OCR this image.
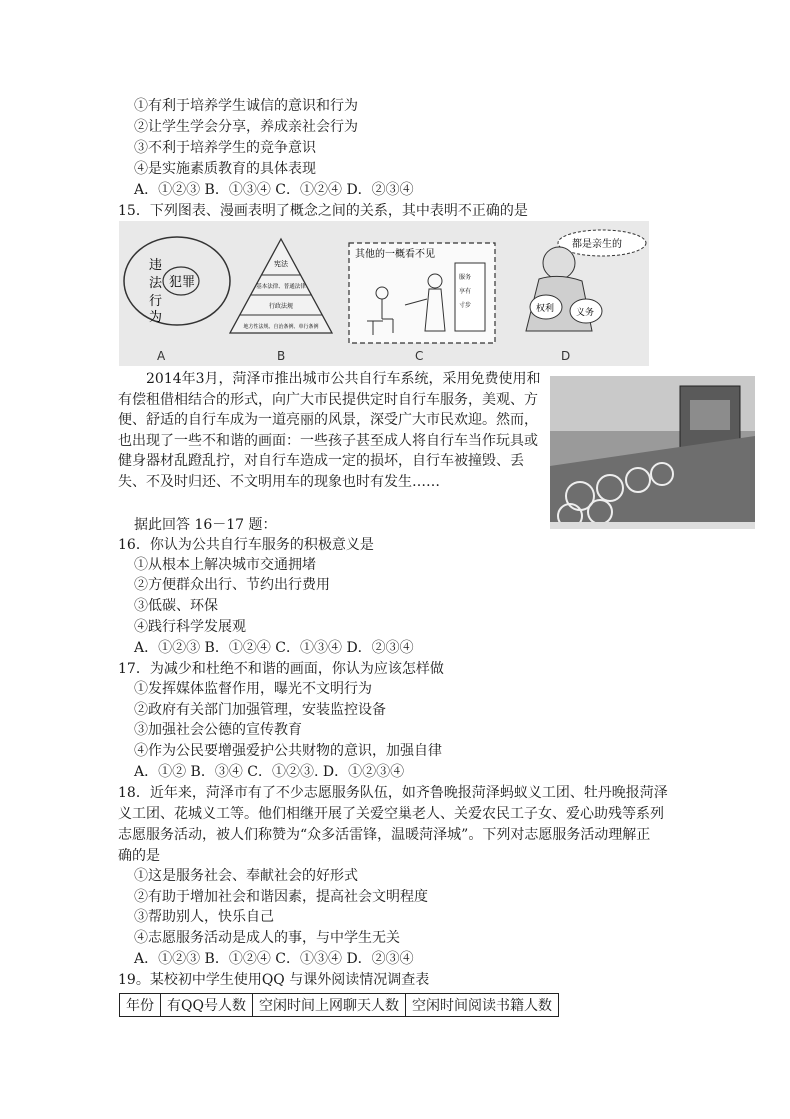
①有利于培养学生诚信的意识和行为
②让学生学会分享，养成亲社会行为
③不利于培养学生的竞争意识
④是实施素质教育的具体表现
A．①②③ B．①③④ C．①②④ D．②③④
15．下列图表、漫画表明了概念之间的关系，其中表明不正确的是
违
法
行
为
犯罪
宪法
基本法律、普通法律
行政法规
地方性法规、自治条例、单行条例
其他的一概看不见
服务
享有
寸步
都是亲生的
权利 义务
A	B	C	D
2014年3月，菏泽市推出城市公共自行车系统，采用免费使用和有偿租借相结合的形式，向广大市民提供定时自行车服务，美观、方便、舒适的自行车成为一道亮丽的风景，深受广大市民欢迎。然而，也出现了一些不和谐的画面：一些孩子甚至成人将自行车当作玩具或健身器材乱蹬乱拧，对自行车造成一定的损坏，自行车被撞毁、丢失、不及时归还、不文明用车的现象也时有发生……
据此回答 16－17 题：
16．你认为公共自行车服务的积极意义是
①从根本上解决城市交通拥堵
②方便群众出行、节约出行费用
③低碳、环保
④践行科学发展观
A．①②③ B．①②④ C．①③④ D．②③④
17．为减少和杜绝不和谐的画面，你认为应该怎样做
①发挥媒体监督作用，曝光不文明行为
②政府有关部门加强管理，安装监控设备
③加强社会公德的宣传教育
④作为公民要增强爱护公共财物的意识，加强自律
A．①② B．③④ C．①②③. D．①②③④
18．近年来，菏泽市有了不少志愿服务队伍，如齐鲁晚报菏泽蚂蚁义工团、牡丹晚报菏泽
义工团、花城义工等。他们相继开展了关爱空巢老人、关爱农民工子女、爱心助残等系列
志愿服务活动，被人们称赞为“众多活雷锋，温暖菏泽城”。下列对志愿服务活动理解正
确的是
①这是服务社会、奉献社会的好形式
②有助于增加社会和谐因素，提高社会文明程度
③帮助别人，快乐自己
④志愿服务活动是成人的事，与中学生无关
A．①②③ B．①②④ C．①③④ D．②③④
19。某校初中学生使用QQ 与课外阅读情况调查表
年份	有QQ号人数	空闲时间上网聊天人数	空闲时间阅读书籍人数
